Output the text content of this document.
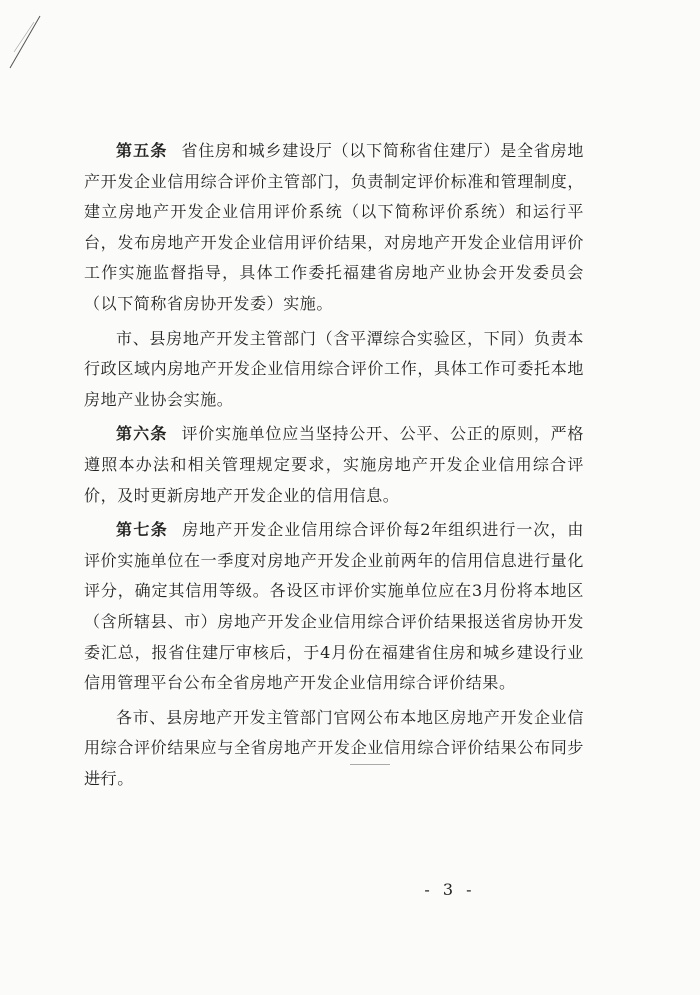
第五条 省住房和城乡建设厅（以下简称省住建厅）是全省房地产开发企业信用综合评价主管部门，负责制定评价标准和管理制度，建立房地产开发企业信用评价系统（以下简称评价系统）和运行平台，发布房地产开发企业信用评价结果，对房地产开发企业信用评价工作实施监督指导，具体工作委托福建省房地产业协会开发委员会（以下简称省房协开发委）实施。

市、县房地产开发主管部门（含平潭综合实验区，下同）负责本行政区域内房地产开发企业信用综合评价工作，具体工作可委托本地房地产业协会实施。

第六条 评价实施单位应当坚持公开、公平、公正的原则，严格遵照本办法和相关管理规定要求，实施房地产开发企业信用综合评价，及时更新房地产开发企业的信用信息。

第七条 房地产开发企业信用综合评价每2年组织进行一次，由评价实施单位在一季度对房地产开发企业前两年的信用信息进行量化评分，确定其信用等级。各设区市评价实施单位应在3月份将本地区（含所辖县、市）房地产开发企业信用综合评价结果报送省房协开发委汇总，报省住建厅审核后，于4月份在福建省住房和城乡建设行业信用管理平台公布全省房地产开发企业信用综合评价结果。

各市、县房地产开发主管部门官网公布本地区房地产开发企业信用综合评价结果应与全省房地产开发企业信用综合评价结果公布同步进行。

- 3 -
